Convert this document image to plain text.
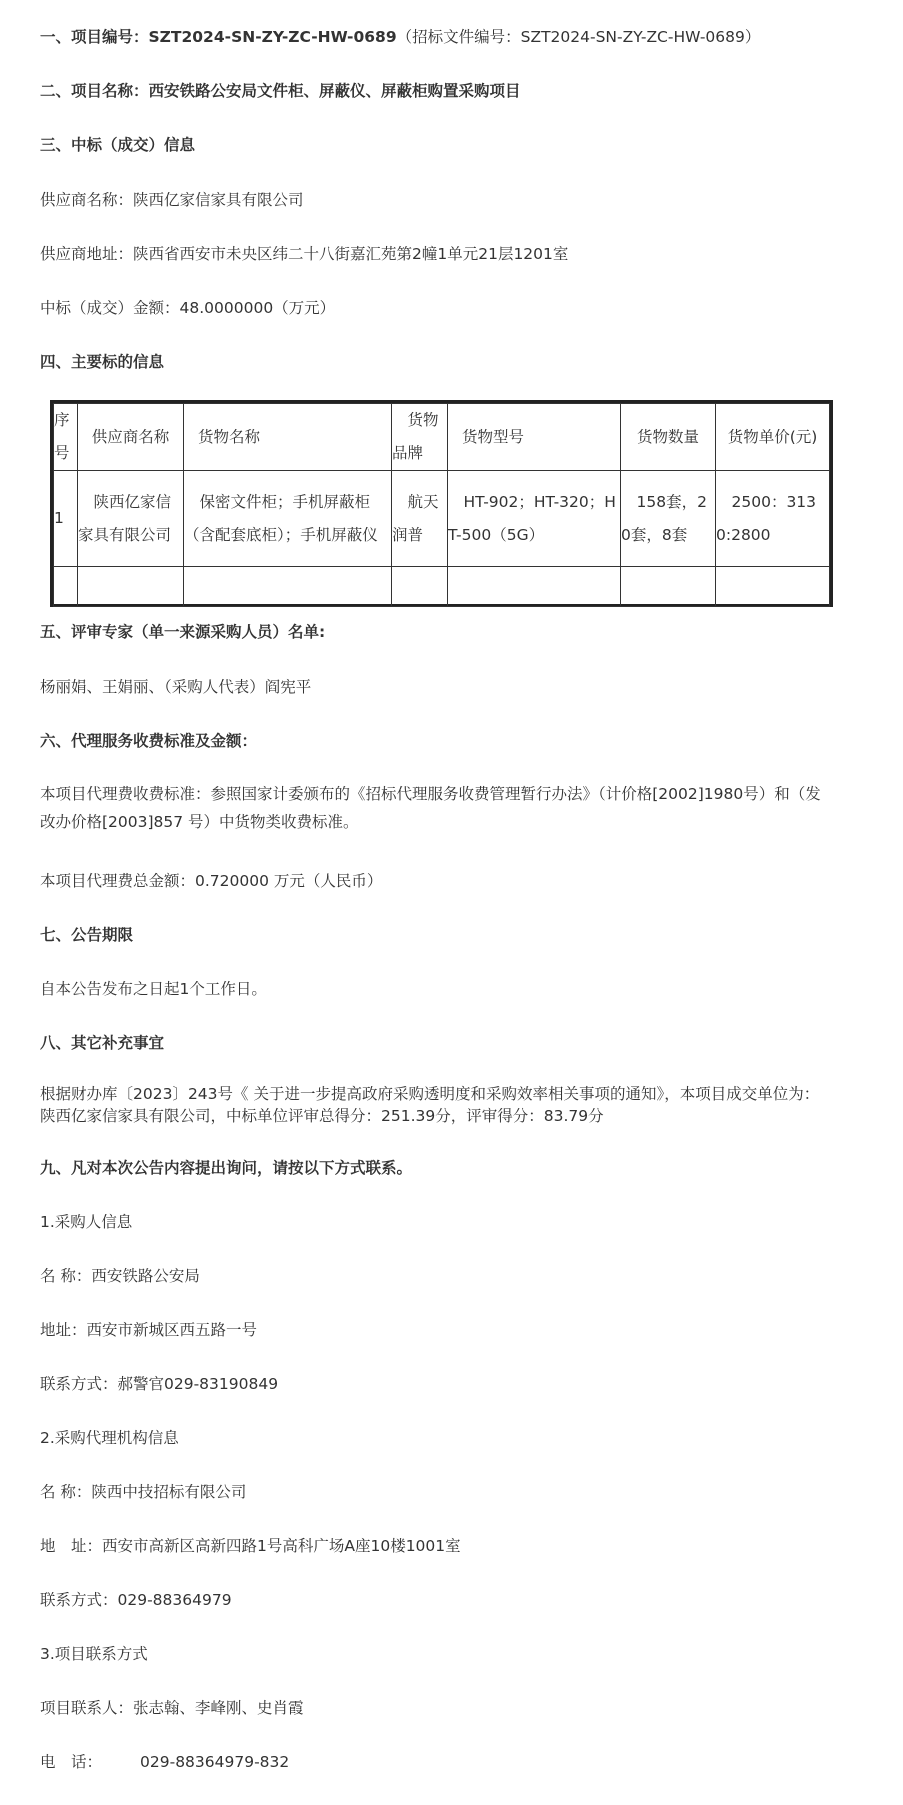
一、项目编号：SZT2024-SN-ZY-ZC-HW-0689（招标文件编号：SZT2024-SN-ZY-ZC-HW-0689）
二、项目名称：西安铁路公安局文件柜、屏蔽仪、屏蔽柜购置采购项目
三、中标（成交）信息
供应商名称：陕西亿家信家具有限公司
供应商地址：陕西省西安市未央区纬二十八街嘉汇苑第2幢1单元21层1201室
中标（成交）金额：48.0000000（万元）
四、主要标的信息
序号	供应商名称	货物名称	货物品牌	货物型号	货物数量	货物单价(元)
1	陕西亿家信家具有限公司	保密文件柜；手机屏蔽柜（含配套底柜）；手机屏蔽仪	航天润普	HT-902；HT-320；HT-500（5G）	158套，20套，8套	2500：3130:2800

五、评审专家（单一来源采购人员）名单:
杨丽娟、王娟丽、（采购人代表）阎宪平
六、代理服务收费标准及金额：
本项目代理费收费标准：参照国家计委颁布的《招标代理服务收费管理暂行办法》（计价格[2002]1980号）和（发改办价格[2003]857 号）中货物类收费标准。
本项目代理费总金额：0.720000 万元（人民币）
七、公告期限
自本公告发布之日起1个工作日。
八、其它补充事宜
根据财办库〔2023〕243号《 关于进一步提高政府采购透明度和采购效率相关事项的通知》，本项目成交单位为：陕西亿家信家具有限公司，中标单位评审总得分：251.39分，评审得分：83.79分
九、凡对本次公告内容提出询问，请按以下方式联系。
1.采购人信息
名 称：西安铁路公安局
地址：西安市新城区西五路一号
联系方式：郝警官029-83190849
2.采购代理机构信息
名 称：陕西中技招标有限公司
地　址：西安市高新区高新四路1号高科广场A座10楼1001室
联系方式：029-88364979
3.项目联系方式
项目联系人：张志翰、李峰刚、史肖霞
电　话： 029-88364979-832
